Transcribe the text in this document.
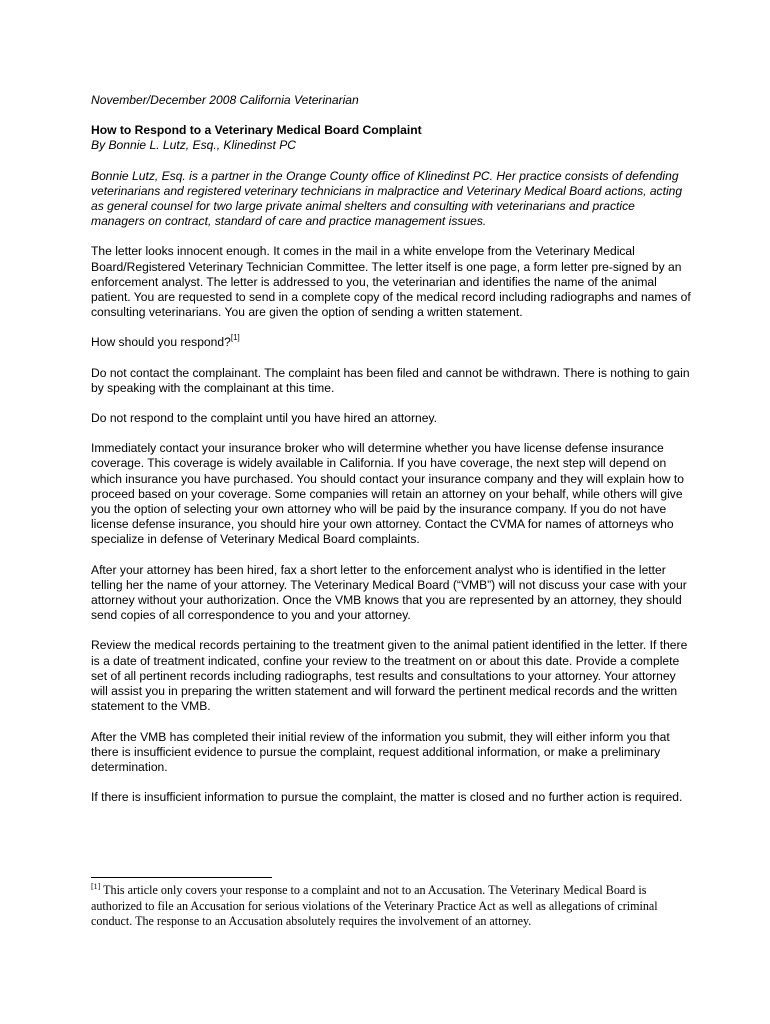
November/December 2008 California Veterinarian

How to Respond to a Veterinary Medical Board Complaint

By Bonnie L. Lutz, Esq., Klinedinst PC

Bonnie Lutz, Esq. is a partner in the Orange County office of Klinedinst PC. Her practice consists of defending veterinarians and registered veterinary technicians in malpractice and Veterinary Medical Board actions, acting as general counsel for two large private animal shelters and consulting with veterinarians and practice managers on contract, standard of care and practice management issues.

The letter looks innocent enough. It comes in the mail in a white envelope from the Veterinary Medical Board/Registered Veterinary Technician Committee. The letter itself is one page, a form letter pre-signed by an enforcement analyst. The letter is addressed to you, the veterinarian and identifies the name of the animal patient. You are requested to send in a complete copy of the medical record including radiographs and names of consulting veterinarians. You are given the option of sending a written statement.

How should you respond?[1]

Do not contact the complainant. The complaint has been filed and cannot be withdrawn. There is nothing to gain by speaking with the complainant at this time.

Do not respond to the complaint until you have hired an attorney.

Immediately contact your insurance broker who will determine whether you have license defense insurance coverage. This coverage is widely available in California. If you have coverage, the next step will depend on which insurance you have purchased. You should contact your insurance company and they will explain how to proceed based on your coverage. Some companies will retain an attorney on your behalf, while others will give you the option of selecting your own attorney who will be paid by the insurance company. If you do not have license defense insurance, you should hire your own attorney. Contact the CVMA for names of attorneys who specialize in defense of Veterinary Medical Board complaints.

After your attorney has been hired, fax a short letter to the enforcement analyst who is identified in the letter telling her the name of your attorney. The Veterinary Medical Board (“VMB”) will not discuss your case with your attorney without your authorization. Once the VMB knows that you are represented by an attorney, they should send copies of all correspondence to you and your attorney.

Review the medical records pertaining to the treatment given to the animal patient identified in the letter. If there is a date of treatment indicated, confine your review to the treatment on or about this date. Provide a complete set of all pertinent records including radiographs, test results and consultations to your attorney. Your attorney will assist you in preparing the written statement and will forward the pertinent medical records and the written statement to the VMB.

After the VMB has completed their initial review of the information you submit, they will either inform you that there is insufficient evidence to pursue the complaint, request additional information, or make a preliminary determination.

If there is insufficient information to pursue the complaint, the matter is closed and no further action is required.

[1] This article only covers your response to a complaint and not to an Accusation. The Veterinary Medical Board is authorized to file an Accusation for serious violations of the Veterinary Practice Act as well as allegations of criminal conduct. The response to an Accusation absolutely requires the involvement of an attorney.
